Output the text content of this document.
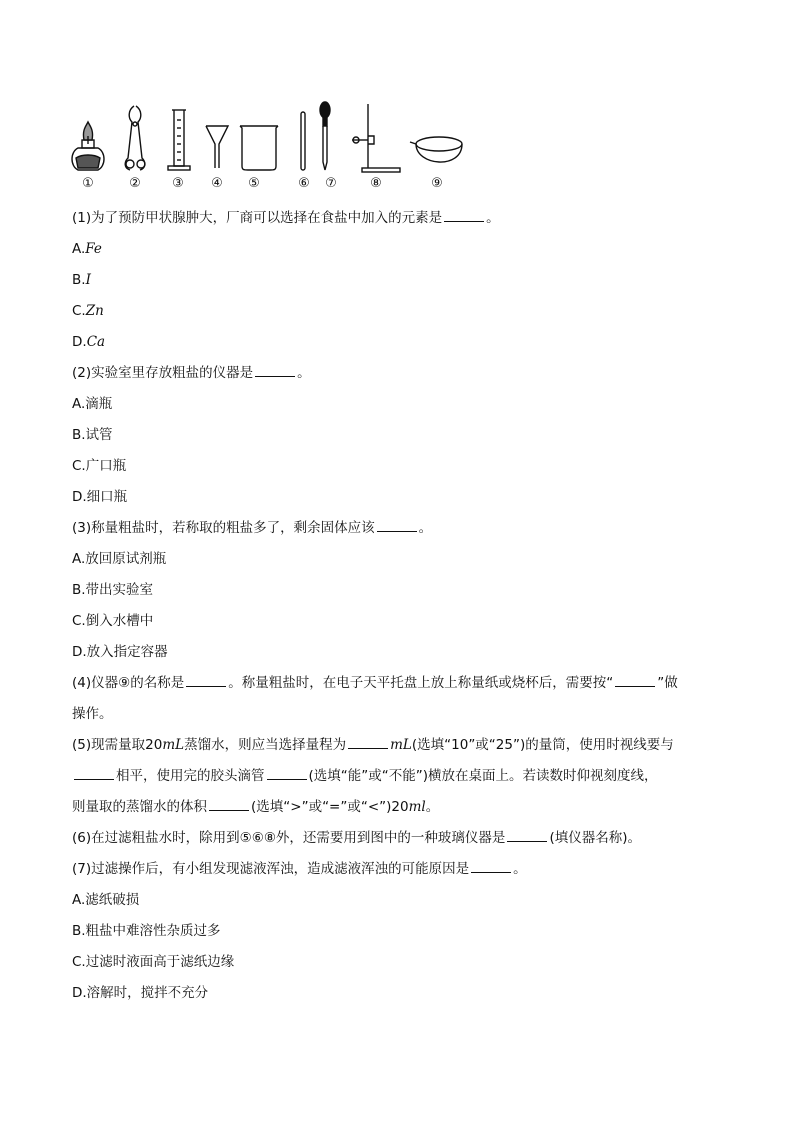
①	② ③ ④ ⑤	⑥ ⑦	⑧	⑨
(1)为了预防甲状腺肿大，厂商可以选择在食盐中加入的元素是	。
A.Fe
B.I
C.Zn
D.Ca
(2)实验室里存放粗盐的仪器是	。
A.滴瓶
B.试管
C.广口瓶
D.细口瓶
(3)称量粗盐时，若称取的粗盐多了，剩余固体应该	。
A.放回原试剂瓶
B.带出实验室
C.倒入水槽中
D.放入指定容器
(4)仪器⑨的名称是	。称量粗盐时，在电子天平托盘上放上称量纸或烧杯后，需要按“	”做
操作。
(5)现需量取20mL蒸馏水，则应当选择量程为	mL(选填“10”或“25”)的量筒，使用时视线要与
相平，使用完的胶头滴管	(选填“能”或“不能”)横放在桌面上。若读数时仰视刻度线，
则量取的蒸馏水的体积	(选填“>”或“=”或“<”)20ml。
(6)在过滤粗盐水时，除用到⑤⑥⑧外，还需要用到图中的一种玻璃仪器是	(填仪器名称)。
(7)过滤操作后，有小组发现滤液浑浊，造成滤液浑浊的可能原因是	。
A.滤纸破损
B.粗盐中难溶性杂质过多
C.过滤时液面高于滤纸边缘
D.溶解时，搅拌不充分
